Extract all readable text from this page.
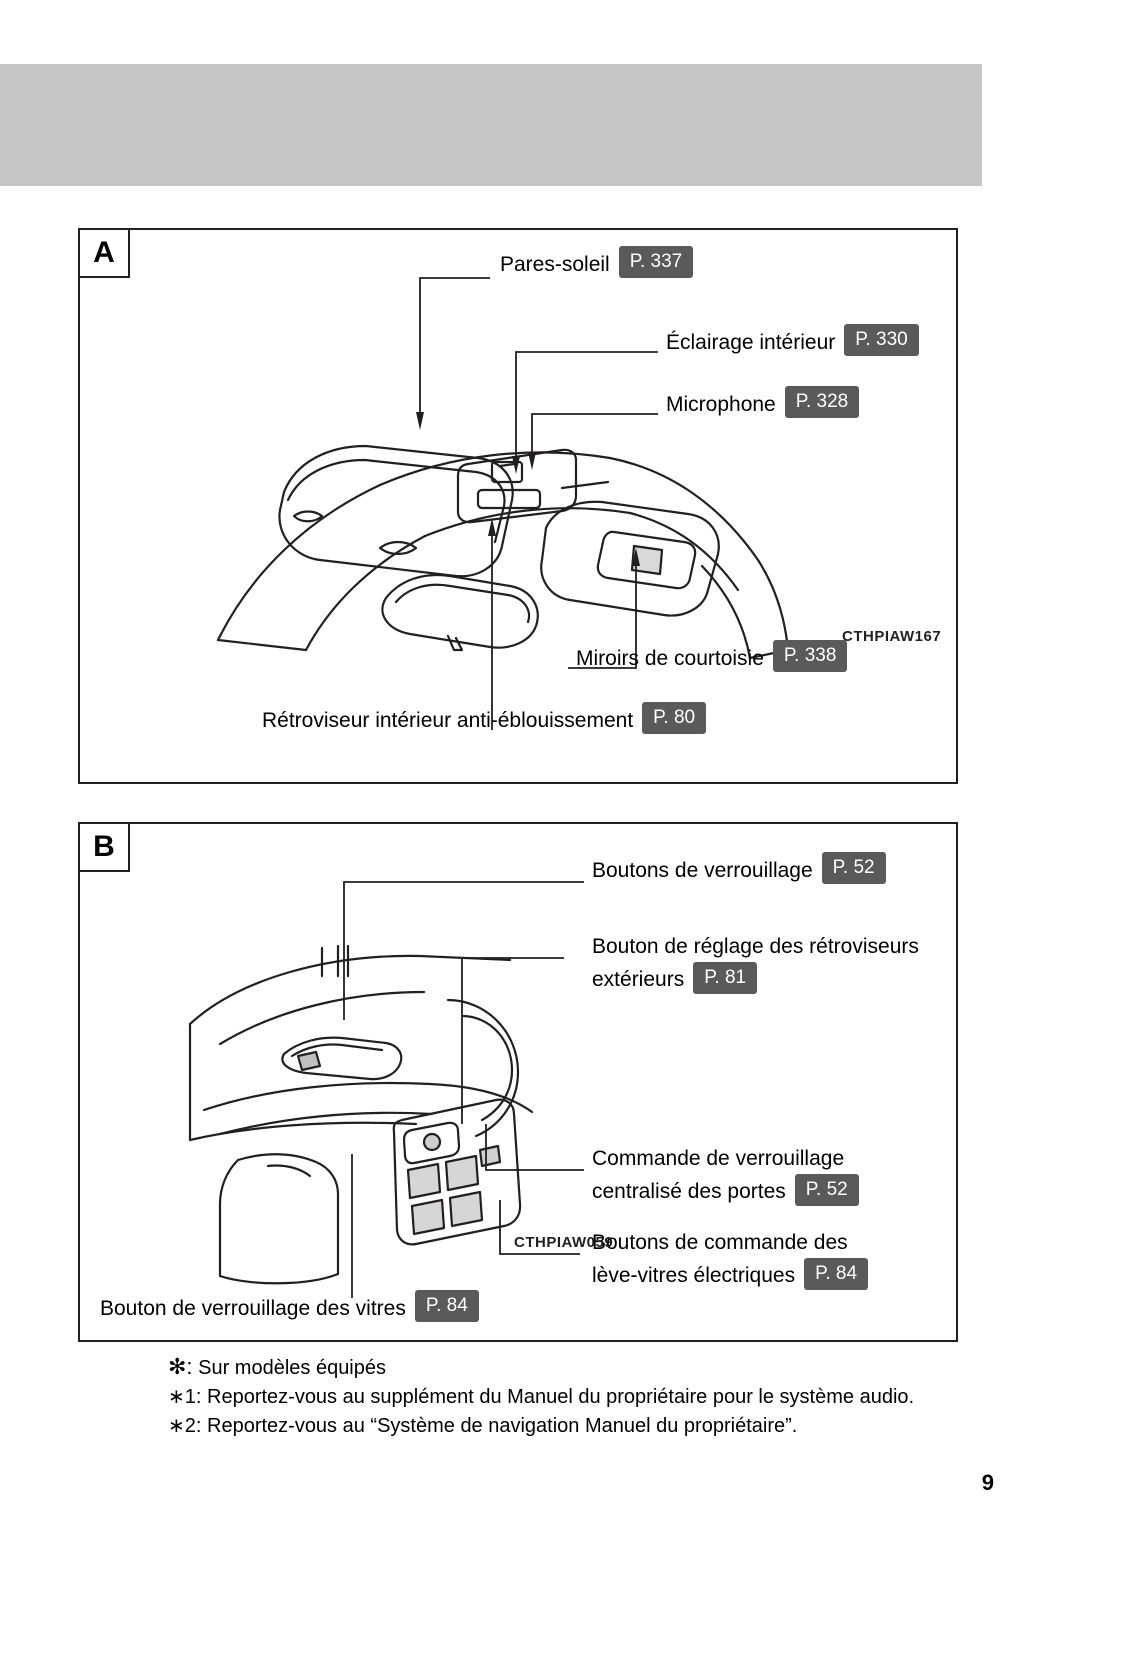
A	Pares-soleil	P. 337
Éclairage intérieur	P. 330
Microphone	P. 328
Miroirs de courtoisie	P. 338
Rétroviseur intérieur anti-éblouissement	P. 80
CTHPIAW167
B
Boutons de verrouillage	P. 52
Bouton de réglage des rétroviseurs
extérieurs	P. 81
Commande de verrouillage
centralisé des portes	P. 52
Boutons de commande des
lève-vitres électriques	P. 84
Bouton de verrouillage des vitres	P. 84
CTHPIAW059
✻: Sur modèles équipés
∗1: Reportez-vous au supplément du Manuel du propriétaire pour le système audio.
∗2: Reportez-vous au “Système de navigation Manuel du propriétaire”.
9
